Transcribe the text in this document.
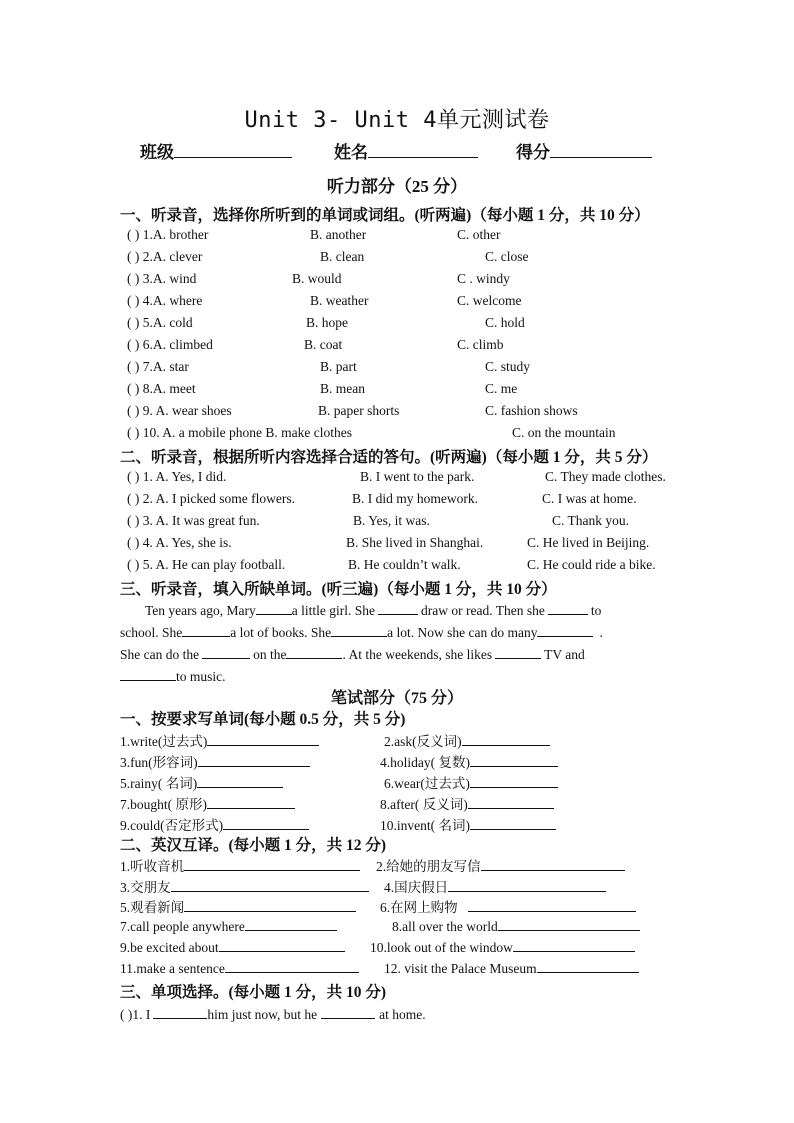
Unit 3- Unit 4单元测试卷
班级	姓名	得分
听力部分（25 分）
一、听录音，选择你所听到的单词或词组。(听两遍)（每小题 1 分，共 10 分）
( ) 1.A. brother	B. another	C. other
( ) 2.A. clever	B. clean	C. close
( ) 3.A. wind	B. would	C . windy
( ) 4.A. where	B. weather	C. welcome
( ) 5.A. cold	B. hope	C. hold
( ) 6.A. climbed	B. coat	C. climb
( ) 7.A. star	B. part	C. study
( ) 8.A. meet	B. mean	C. me
( ) 9. A. wear shoes	B. paper shorts	C. fashion shows
( ) 10. A. a mobile phone B. make clothes	C. on the mountain
二、听录音，根据所听内容选择合适的答句。(听两遍)（每小题 1 分，共 5 分）
( ) 1. A. Yes, I did.	B. I went to the park.	C. They made clothes.
( ) 2. A. I picked some flowers.	B. I did my homework.	C. I was at home.
( ) 3. A. It was great fun.	B. Yes, it was.	C. Thank you.
( ) 4. A. Yes, she is.	B. She lived in Shanghai.	C. He lived in Beijing.
( ) 5. A. He can play football.	B. He couldn’t walk.	C. He could ride a bike.
三、听录音，填入所缺单词。(听三遍)（每小题 1 分，共 10 分）
Ten years ago, Mary	a little girl. She	draw or read. Then she	to
school. She	a lot of books. She	a lot. Now she can do many	.
She can do the	on the	. At the weekends, she likes	TV and
to music.
笔试部分（75 分）
一、按要求写单词(每小题 0.5 分，共 5 分)
1.write(过去式)	2.ask(反义词)
3.fun(形容词)	4.holiday( 复数)
5.rainy( 名词)	6.wear(过去式)
7.bought( 原形)	8.after( 反义词)
9.could(否定形式)	10.invent( 名词)
二、英汉互译。(每小题 1 分，共 12 分)
1.听收音机	2.给她的朋友写信
3.交朋友	4.国庆假日
5.观看新闻	6.在网上购物
7.call people anywhere	8.all over the world
9.be excited about	10.look out of the window
11.make a sentence	12. visit the Palace Museum
三、单项选择。(每小题 1 分，共 10 分)
( )1. I	him just now, but he	at home.
